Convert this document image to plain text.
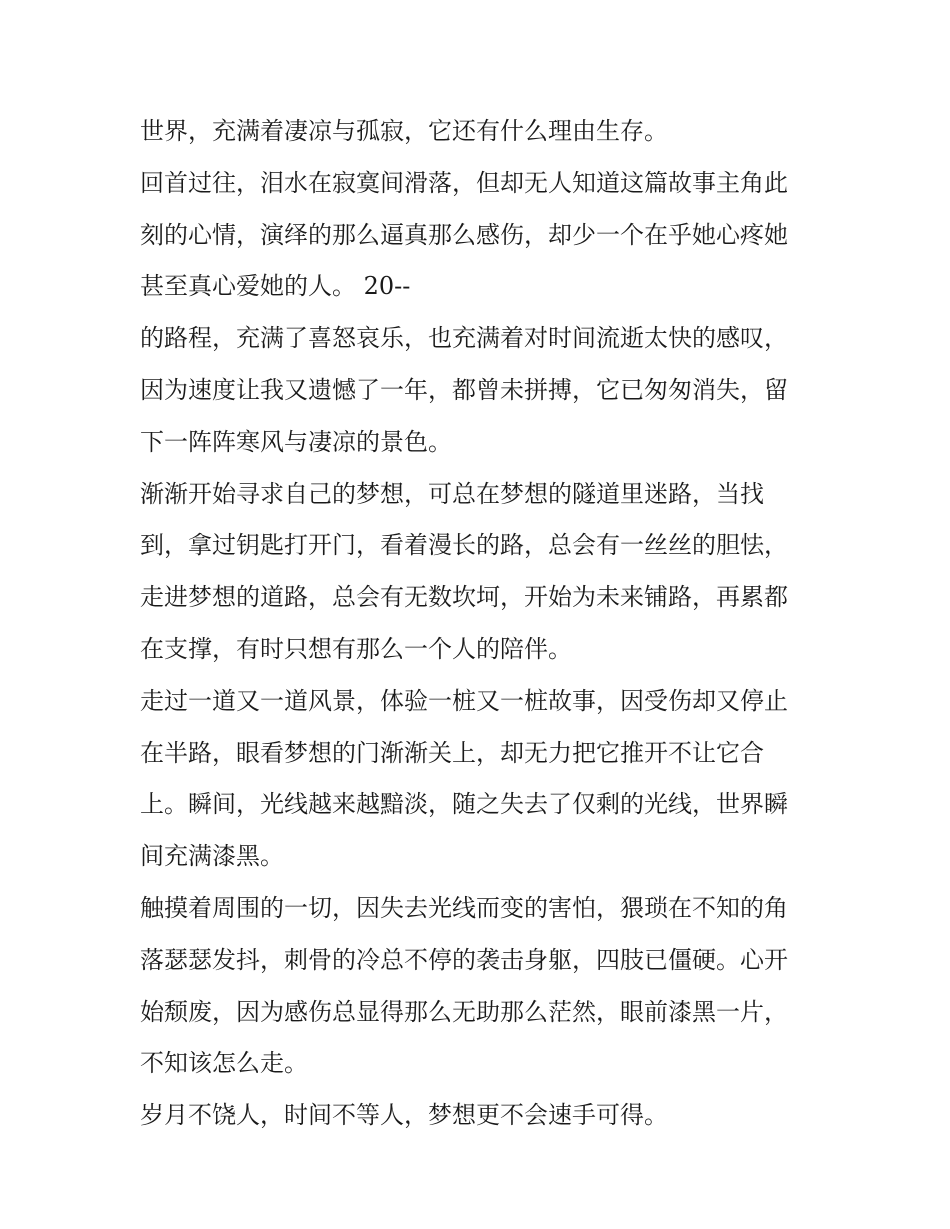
世界，充满着凄凉与孤寂，它还有什么理由生存。
回首过往，泪水在寂寞间滑落，但却无人知道这篇故事主角此
刻的心情，演绎的那么逼真那么感伤，却少一个在乎她心疼她
甚至真心爱她的人。 20--
的路程，充满了喜怒哀乐，也充满着对时间流逝太快的感叹，
因为速度让我又遗憾了一年，都曾未拼搏，它已匆匆消失，留
下一阵阵寒风与凄凉的景色。
渐渐开始寻求自己的梦想，可总在梦想的隧道里迷路，当找
到，拿过钥匙打开门，看着漫长的路，总会有一丝丝的胆怯，
走进梦想的道路，总会有无数坎坷，开始为未来铺路，再累都
在支撑，有时只想有那么一个人的陪伴。
走过一道又一道风景，体验一桩又一桩故事，因受伤却又停止
在半路，眼看梦想的门渐渐关上，却无力把它推开不让它合
上。瞬间，光线越来越黯淡，随之失去了仅剩的光线，世界瞬
间充满漆黑。
触摸着周围的一切，因失去光线而变的害怕，猥琐在不知的角
落瑟瑟发抖，刺骨的冷总不停的袭击身躯，四肢已僵硬。心开
始颓废，因为感伤总显得那么无助那么茫然，眼前漆黑一片，
不知该怎么走。
岁月不饶人，时间不等人，梦想更不会速手可得。
